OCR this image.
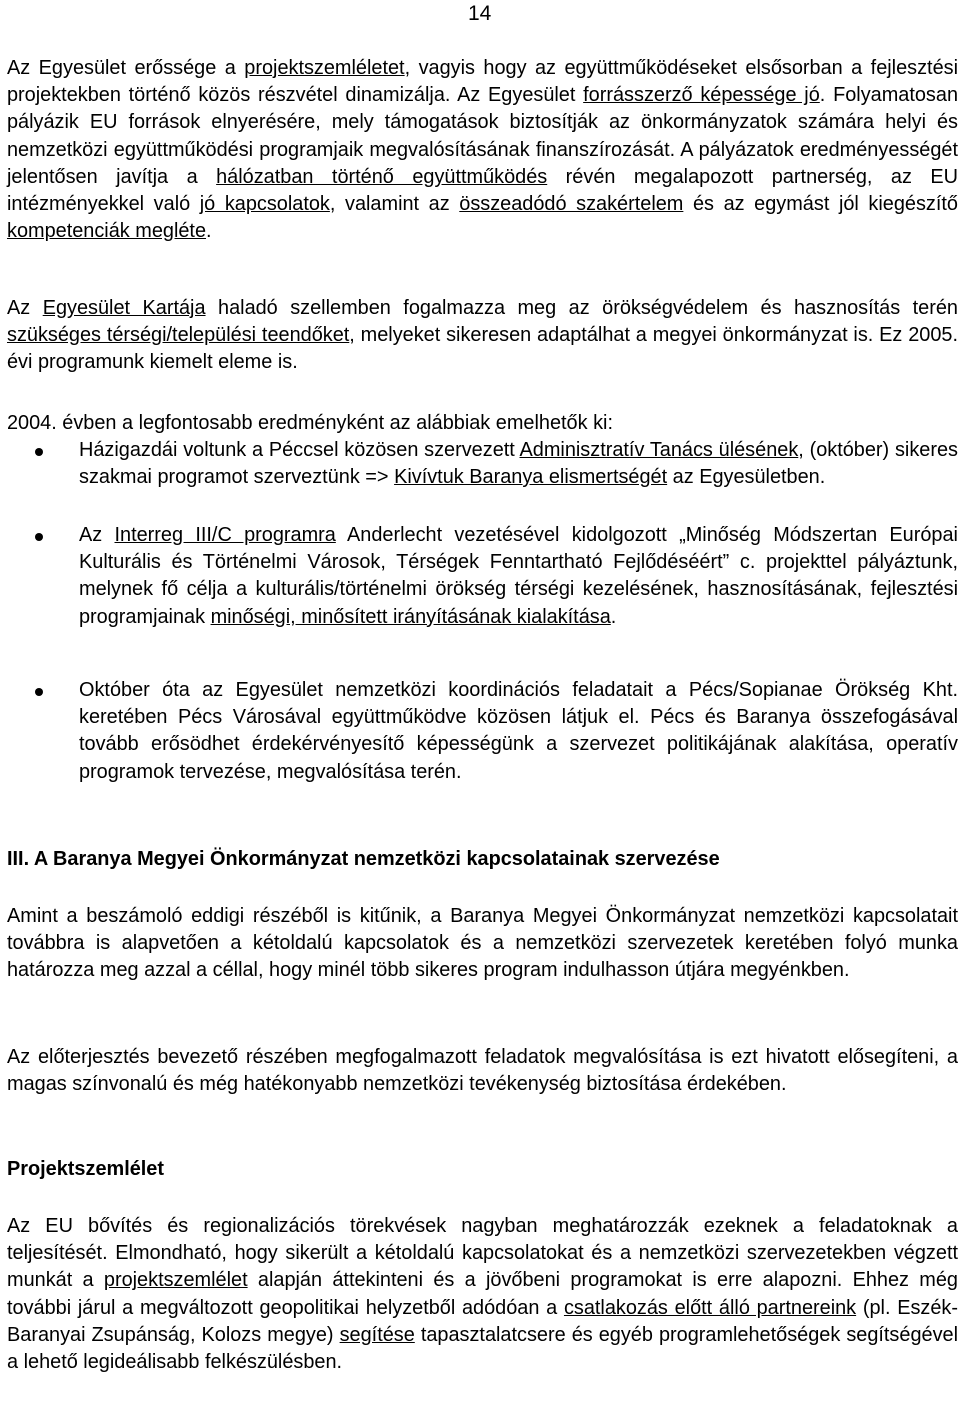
14

Az Egyesület erőssége a projektszemléletet, vagyis hogy az együttműködéseket elsősorban a fejlesztési projektekben történő közös részvétel dinamizálja. Az Egyesület forrásszerző képessége jó. Folyamatosan pályázik EU források elnyerésére, mely támogatások biztosítják az önkormányzatok számára helyi és nemzetközi együttműködési programjaik megvalósításának finanszírozását. A pályázatok eredményességét jelentősen javítja a hálózatban történő együttműködés révén megalapozott partnerség, az EU intézményekkel való jó kapcsolatok, valamint az összeadódó szakértelem és az egymást jól kiegészítő kompetenciák megléte.

Az Egyesület Kartája haladó szellemben fogalmazza meg az örökségvédelem és hasznosítás terén szükséges térségi/települési teendőket, melyeket sikeresen adaptálhat a megyei önkormányzat is. Ez 2005. évi programunk kiemelt eleme is.

2004. évben a legfontosabb eredményként az alábbiak emelhetők ki:

Házigazdái voltunk a Péccsel közösen szervezett Adminisztratív Tanács ülésének, (október) sikeres szakmai programot szerveztünk => Kivívtuk Baranya elismertségét az Egyesületben.

Az Interreg III/C programra Anderlecht vezetésével kidolgozott „Minőség Módszertan Európai Kulturális és Történelmi Városok, Térségek Fenntartható Fejlődéséért” c. projekttel pályáztunk, melynek fő célja a kulturális/történelmi örökség térségi kezelésének, hasznosításának, fejlesztési programjainak minőségi, minősített irányításának kialakítása.

Október óta az Egyesület nemzetközi koordinációs feladatait a Pécs/Sopianae Örökség Kht. keretében Pécs Városával együttműködve közösen látjuk el. Pécs és Baranya összefogásával tovább erősödhet érdekérvényesítő képességünk a szervezet politikájának alakítása, operatív programok tervezése, megvalósítása terén.

III. A Baranya Megyei Önkormányzat nemzetközi kapcsolatainak szervezése

Amint a beszámoló eddigi részéből is kitűnik, a Baranya Megyei Önkormányzat nemzetközi kapcsolatait továbbra is alapvetően a kétoldalú kapcsolatok és a nemzetközi szervezetek keretében folyó munka határozza meg azzal a céllal, hogy minél több sikeres program indulhasson útjára megyénkben.

Az előterjesztés bevezető részében megfogalmazott feladatok megvalósítása is ezt hivatott elősegíteni, a magas színvonalú és még hatékonyabb nemzetközi tevékenység biztosítása érdekében.

Projektszemlélet

Az EU bővítés és regionalizációs törekvések nagyban meghatározzák ezeknek a feladatoknak a teljesítését. Elmondható, hogy sikerült a kétoldalú kapcsolatokat és a nemzetközi szervezetekben végzett munkát a projektszemlélet alapján áttekinteni és a jövőbeni programokat is erre alapozni. Ehhez még további járul a megváltozott geopolitikai helyzetből adódóan a csatlakozás előtt álló partnereink (pl. Eszék-Baranyai Zsupánság, Kolozs megye) segítése tapasztalatcsere és egyéb programlehetőségek segítségével a lehető legideálisabb felkészülésben.
